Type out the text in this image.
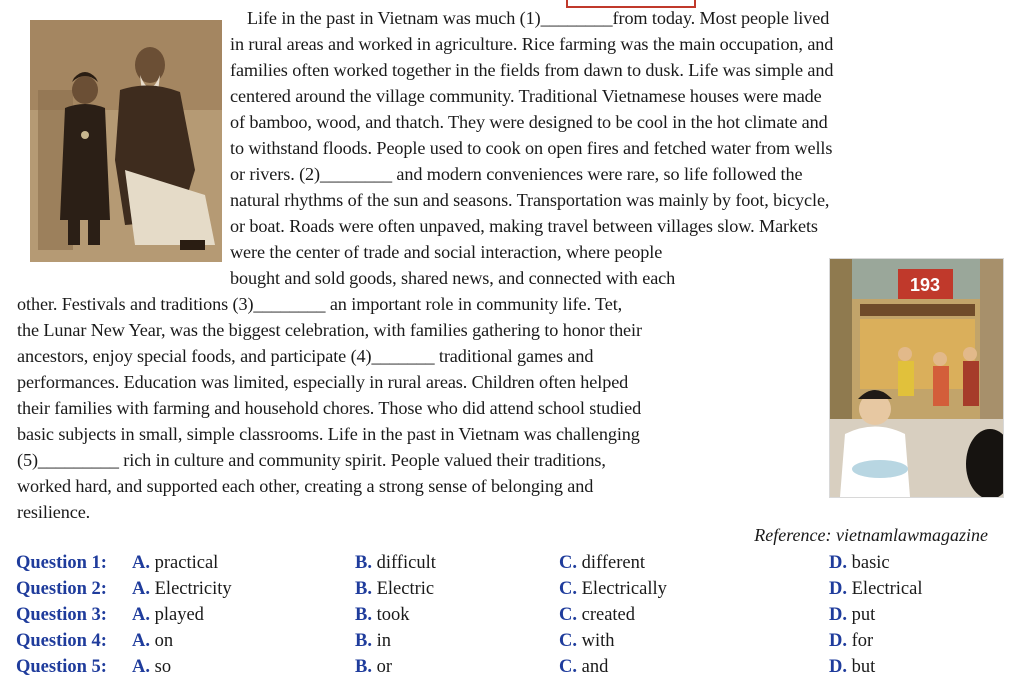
193
Life in the past in Vietnam was much (1)________from today. Most people lived
in rural areas and worked in agriculture. Rice farming was the main occupation, and
families often worked together in the fields from dawn to dusk. Life was simple and
centered around the village community. Traditional Vietnamese houses were made
of bamboo, wood, and thatch. They were designed to be cool in the hot climate and
to withstand floods. People used to cook on open fires and fetched water from wells
or rivers. (2)________ and modern conveniences were rare, so life followed the
natural rhythms of the sun and seasons. Transportation was mainly by foot, bicycle,
or boat. Roads were often unpaved, making travel between villages slow. Markets
were the center of trade and social interaction, where people
bought and sold goods, shared news, and connected with each
other. Festivals and traditions (3)________ an important role in community life. Tet,
the Lunar New Year, was the biggest celebration, with families gathering to honor their
ancestors, enjoy special foods, and participate (4)_______ traditional games and
performances. Education was limited, especially in rural areas. Children often helped
their families with farming and household chores. Those who did attend school studied
basic subjects in small, simple classrooms. Life in the past in Vietnam was challenging
(5)_________ rich in culture and community spirit. People valued their traditions,
worked hard, and supported each other, creating a strong sense of belonging and
resilience.
Reference: vietnamlawmagazine
Question 1: A. practical	B. difficult	C. different	D. basic
Question 2: A. Electricity	B. Electric	C. Electrically	D. Electrical
Question 3: A. played	B. took	C. created	D. put
Question 4: A. on	B. in	C. with	D. for
Question 5: A. so	B. or	C. and	D. but
